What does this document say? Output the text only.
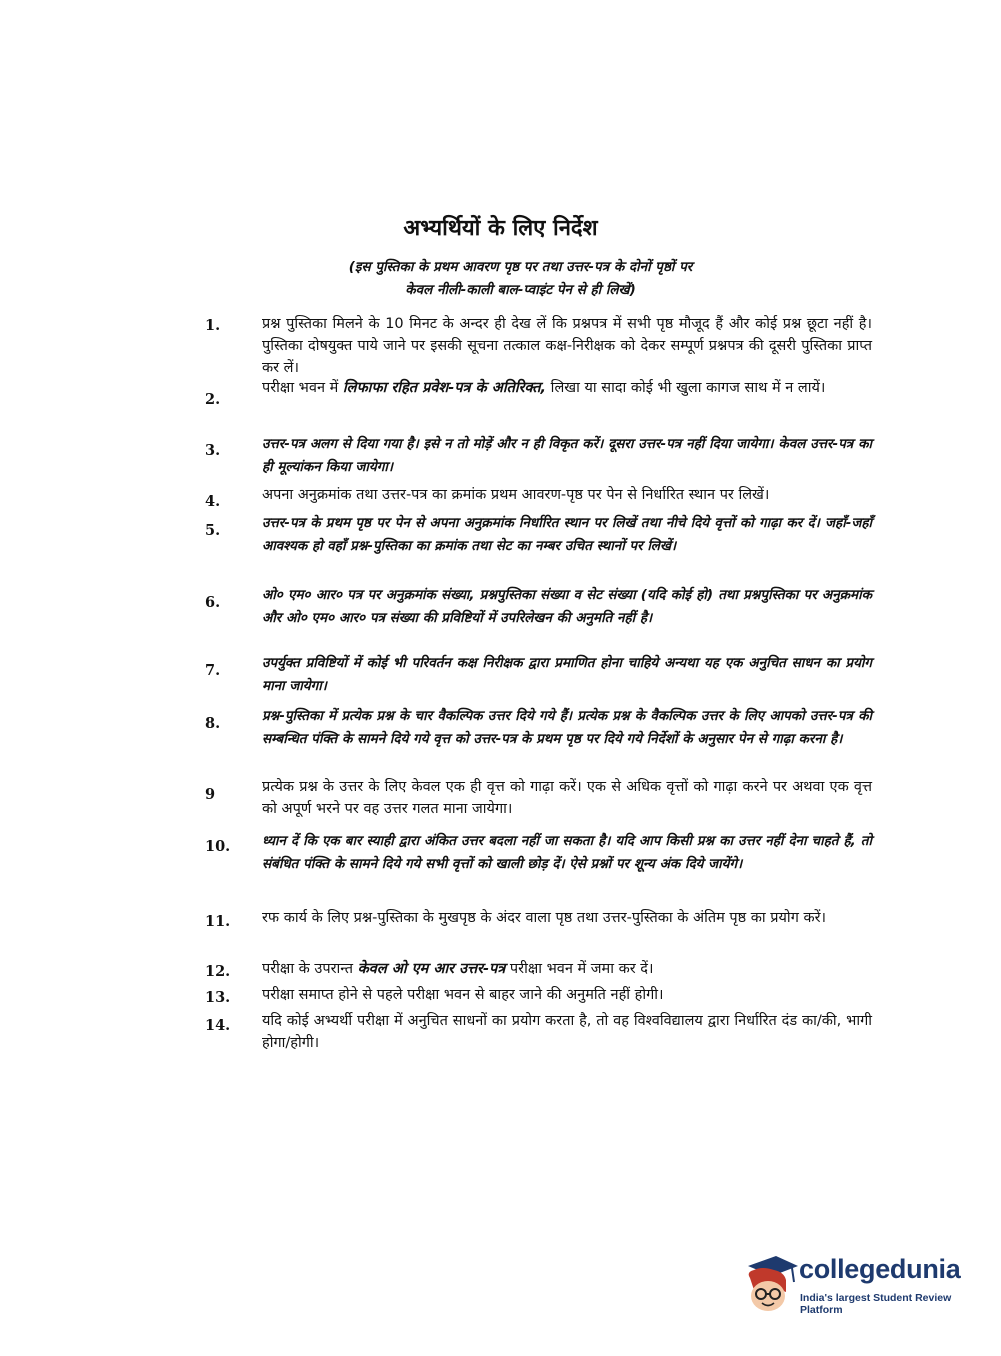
अभ्यर्थियों के लिए निर्देश
(इस पुस्तिका के प्रथम आवरण पृष्ठ पर तथा उत्तर-पत्र के दोनों पृष्ठों पर
केवल नीली-काली बाल-प्वाइंट पेन से ही लिखें)
1.	प्रश्न पुस्तिका मिलने के 10 मिनट के अन्दर ही देख लें कि प्रश्नपत्र में सभी पृष्ठ मौजूद हैं और कोई प्रश्न छूटा नहीं है। पुस्तिका दोषयुक्त पाये जाने पर इसकी सूचना तत्काल कक्ष-निरीक्षक को देकर सम्पूर्ण प्रश्नपत्र की दूसरी पुस्तिका प्राप्त कर लें।
2.
परीक्षा भवन में लिफाफा रहित प्रवेश-पत्र के अतिरिक्त, लिखा या सादा कोई भी खुला कागज साथ में न लायें।
3.	उत्तर-पत्र अलग से दिया गया है। इसे न तो मोड़ें और न ही विकृत करें। दूसरा उत्तर-पत्र नहीं दिया जायेगा। केवल उत्तर-पत्र का ही मूल्यांकन किया जायेगा।
4.	अपना अनुक्रमांक तथा उत्तर-पत्र का क्रमांक प्रथम आवरण-पृष्ठ पर पेन से निर्धारित स्थान पर लिखें।
5.	उत्तर-पत्र के प्रथम पृष्ठ पर पेन से अपना अनुक्रमांक निर्धारित स्थान पर लिखें तथा नीचे दिये वृत्तों को गाढ़ा कर दें। जहाँ-जहाँ आवश्यक हो वहाँ प्रश्न-पुस्तिका का क्रमांक तथा सेट का नम्बर उचित स्थानों पर लिखें।
6.	ओ० एम० आर० पत्र पर अनुक्रमांक संख्या, प्रश्नपुस्तिका संख्या व सेट संख्या (यदि कोई हो) तथा प्रश्नपुस्तिका पर अनुक्रमांक और ओ० एम० आर० पत्र संख्या की प्रविष्टियों में उपरिलेखन की अनुमति नहीं है।
7.	उपर्युक्त प्रविष्टियों में कोई भी परिवर्तन कक्ष निरीक्षक द्वारा प्रमाणित होना चाहिये अन्यथा यह एक अनुचित साधन का प्रयोग माना जायेगा।
8.	प्रश्न-पुस्तिका में प्रत्येक प्रश्न के चार वैकल्पिक उत्तर दिये गये हैं। प्रत्येक प्रश्न के वैकल्पिक उत्तर के लिए आपको उत्तर-पत्र की सम्बन्धित पंक्ति के सामने दिये गये वृत्त को उत्तर-पत्र के प्रथम पृष्ठ पर दिये गये निर्देशों के अनुसार पेन से गाढ़ा करना है।
9	प्रत्येक प्रश्न के उत्तर के लिए केवल एक ही वृत्त को गाढ़ा करें। एक से अधिक वृत्तों को गाढ़ा करने पर अथवा एक वृत्त को अपूर्ण भरने पर वह उत्तर गलत माना जायेगा।
10.	ध्यान दें कि एक बार स्याही द्वारा अंकित उत्तर बदला नहीं जा सकता है। यदि आप किसी प्रश्न का उत्तर नहीं देना चाहते हैं, तो संबंधित पंक्ति के सामने दिये गये सभी वृत्तों को खाली छोड़ दें। ऐसे प्रश्नों पर शून्य अंक दिये जायेंगे।
11.	रफ कार्य के लिए प्रश्न-पुस्तिका के मुखपृष्ठ के अंदर वाला पृष्ठ तथा उत्तर-पुस्तिका के अंतिम पृष्ठ का प्रयोग करें।
12.	परीक्षा के उपरान्त केवल ओ एम आर उत्तर-पत्र परीक्षा भवन में जमा कर दें।
13.	परीक्षा समाप्त होने से पहले परीक्षा भवन से बाहर जाने की अनुमति नहीं होगी।
14.	यदि कोई अभ्यर्थी परीक्षा में अनुचित साधनों का प्रयोग करता है, तो वह विश्वविद्यालय द्वारा निर्धारित दंड का/की, भागी होगा/होगी।
collegedunia
India's largest Student Review Platform
